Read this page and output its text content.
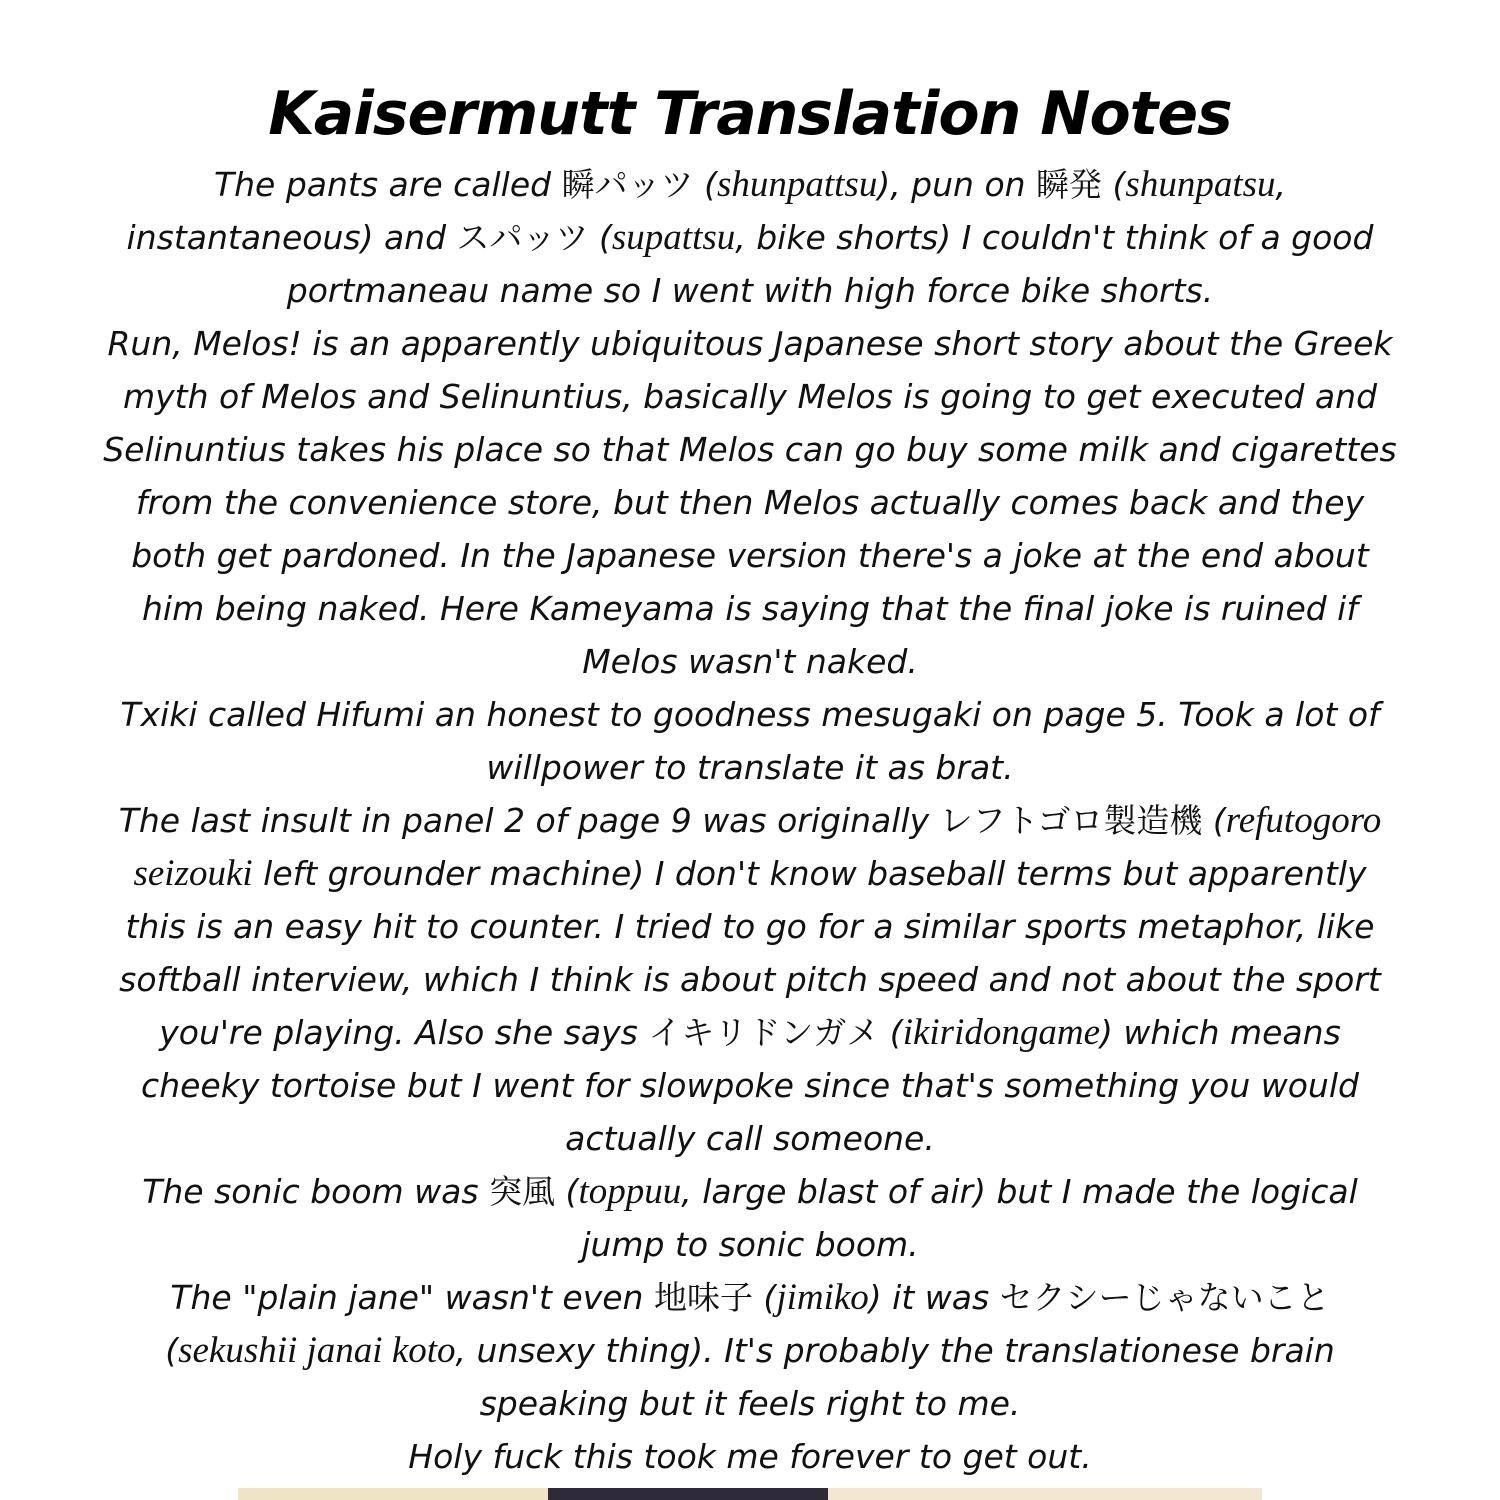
Kaisermutt Translation Notes

The pants are called 瞬パッツ (shunpattsu), pun on 瞬発 (shunpatsu, instantaneous) and スパッツ (supattsu, bike shorts) I couldn't think of a good portmaneau name so I went with high force bike shorts.

Run, Melos! is an apparently ubiquitous Japanese short story about the Greek myth of Melos and Selinuntius, basically Melos is going to get executed and Selinuntius takes his place so that Melos can go buy some milk and cigarettes from the convenience store, but then Melos actually comes back and they both get pardoned. In the Japanese version there's a joke at the end about him being naked. Here Kameyama is saying that the final joke is ruined if Melos wasn't naked.

Txiki called Hifumi an honest to goodness mesugaki on page 5. Took a lot of willpower to translate it as brat.

The last insult in panel 2 of page 9 was originally レフトゴロ製造機 (refutogoro seizouki left grounder machine) I don't know baseball terms but apparently this is an easy hit to counter. I tried to go for a similar sports metaphor, like softball interview, which I think is about pitch speed and not about the sport you're playing. Also she says イキリドンガメ (ikiridongame) which means cheeky tortoise but I went for slowpoke since that's something you would actually call someone.

The sonic boom was 突風 (toppuu, large blast of air) but I made the logical jump to sonic boom.

The "plain jane" wasn't even 地味子 (jimiko) it was セクシーじゃないこと (sekushii janai koto, unsexy thing). It's probably the translationese brain speaking but it feels right to me.

Holy fuck this took me forever to get out.
